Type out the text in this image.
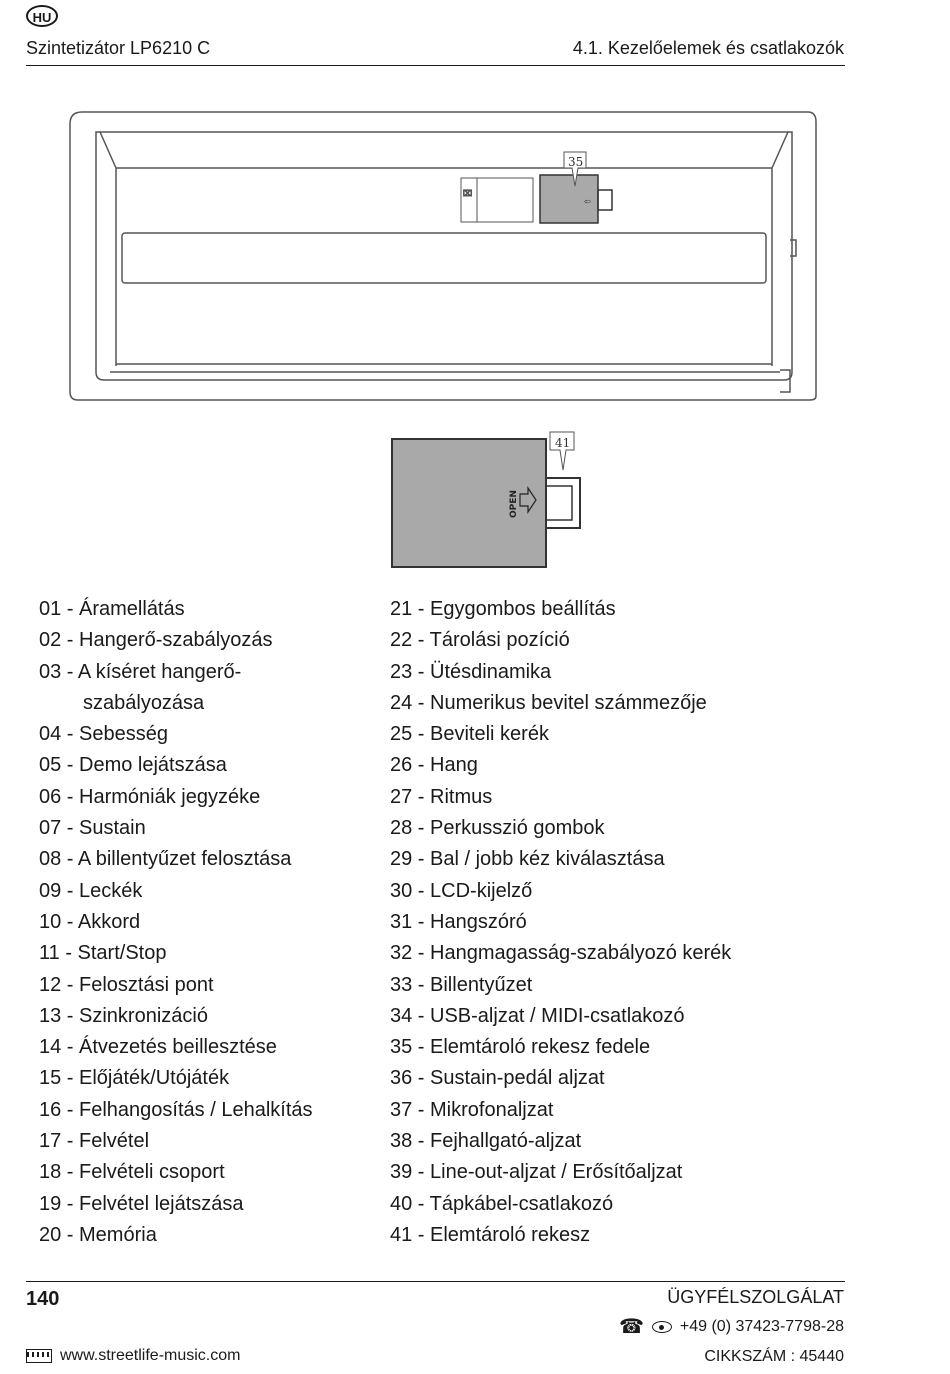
HU
Szintetizátor LP6210 C	4.1. Kezelőelemek és csatlakozók
⌧
⇦
35
OPEN
41
01 - Áramellátás
02 - Hangerő-szabályozás
03 - A kíséret hangerő-
szabályozása
04 - Sebesség
05 - Demo lejátszása
06 - Harmóniák jegyzéke
07 - Sustain
08 - A billentyűzet felosztása
09 - Leckék
10 - Akkord
11 - Start/Stop
12 - Felosztási pont
13 - Szinkronizáció
14 - Átvezetés beillesztése
15 - Előjáték/Utójáték
16 - Felhangosítás / Lehalkítás
17 - Felvétel
18 - Felvételi csoport
19 - Felvétel lejátszása
20 - Memória
21 - Egygombos beállítás
22 - Tárolási pozíció
23 - Ütésdinamika
24 - Numerikus bevitel számmezője
25 - Beviteli kerék
26 - Hang
27 - Ritmus
28 - Perkusszió gombok
29 - Bal / jobb kéz kiválasztása
30 - LCD-kijelző
31 - Hangszóró
32 - Hangmagasság-szabályozó kerék
33 - Billentyűzet
34 - USB-aljzat / MIDI-csatlakozó
35 - Elemtároló rekesz fedele
36 - Sustain-pedál aljzat
37 - Mikrofonaljzat
38 - Fejhallgató-aljzat
39 - Line-out-aljzat / Erősítőaljzat
40 - Tápkábel-csatlakozó
41 - Elemtároló rekesz
140	ÜGYFÉLSZOLGÁLAT
☎ +49 (0) 37423-7798-28
www.streetlife-music.com	CIKKSZÁM : 45440
